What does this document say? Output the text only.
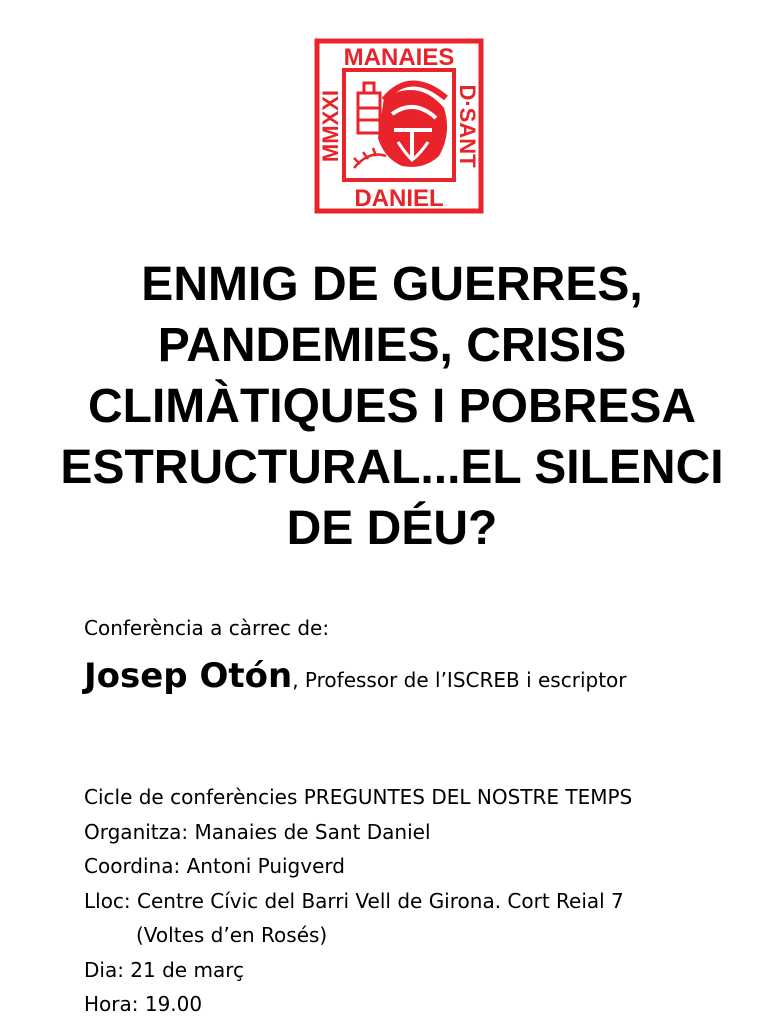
MANAIES
DANIEL
D·SANT
MMXXI
ENMIG DE GUERRES,
PANDEMIES, CRISIS
CLIMÀTIQUES I POBRESA
ESTRUCTURAL...EL SILENCI
DE DÉU?
Conferència a càrrec de:
Josep Otón, Professor de l’ISCREB i escriptor
Cicle de conferències PREGUNTES DEL NOSTRE TEMPS
Organitza: Manaies de Sant Daniel
Coordina: Antoni Puigverd
Lloc: Centre Cívic del Barri Vell de Girona. Cort Reial 7
(Voltes d’en Rosés)
Dia: 21 de març
Hora: 19.00
